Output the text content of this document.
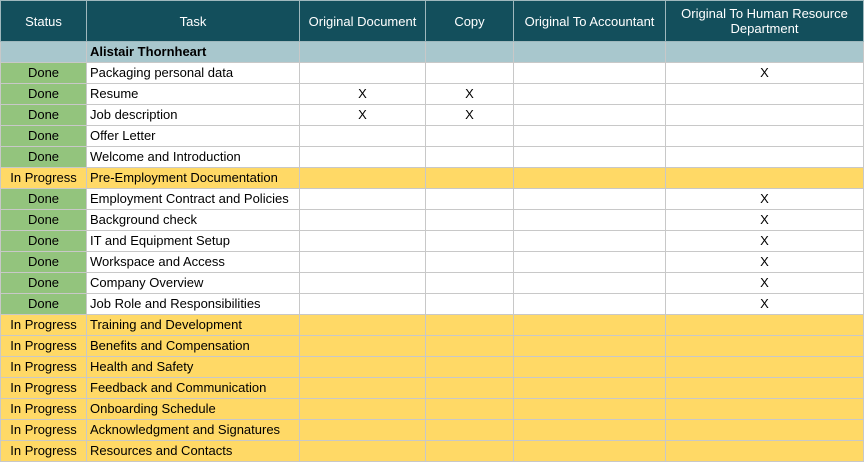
Status	Task	Original Document	Copy	Original To Accountant	Original To Human Resource Department
	Alistair Thornheart				
Done	Packaging personal data				X
Done	Resume	X	X		
Done	Job description	X	X		
Done	Offer Letter				
Done	Welcome and Introduction				
In Progress	Pre-Employment Documentation				
Done	Employment Contract and Policies				X
Done	Background check				X
Done	IT and Equipment Setup				X
Done	Workspace and Access				X
Done	Company Overview				X
Done	Job Role and Responsibilities				X
In Progress	Training and Development				
In Progress	Benefits and Compensation				
In Progress	Health and Safety				
In Progress	Feedback and Communication				
In Progress	Onboarding Schedule				
In Progress	Acknowledgment and Signatures				
In Progress	Resources and Contacts				
